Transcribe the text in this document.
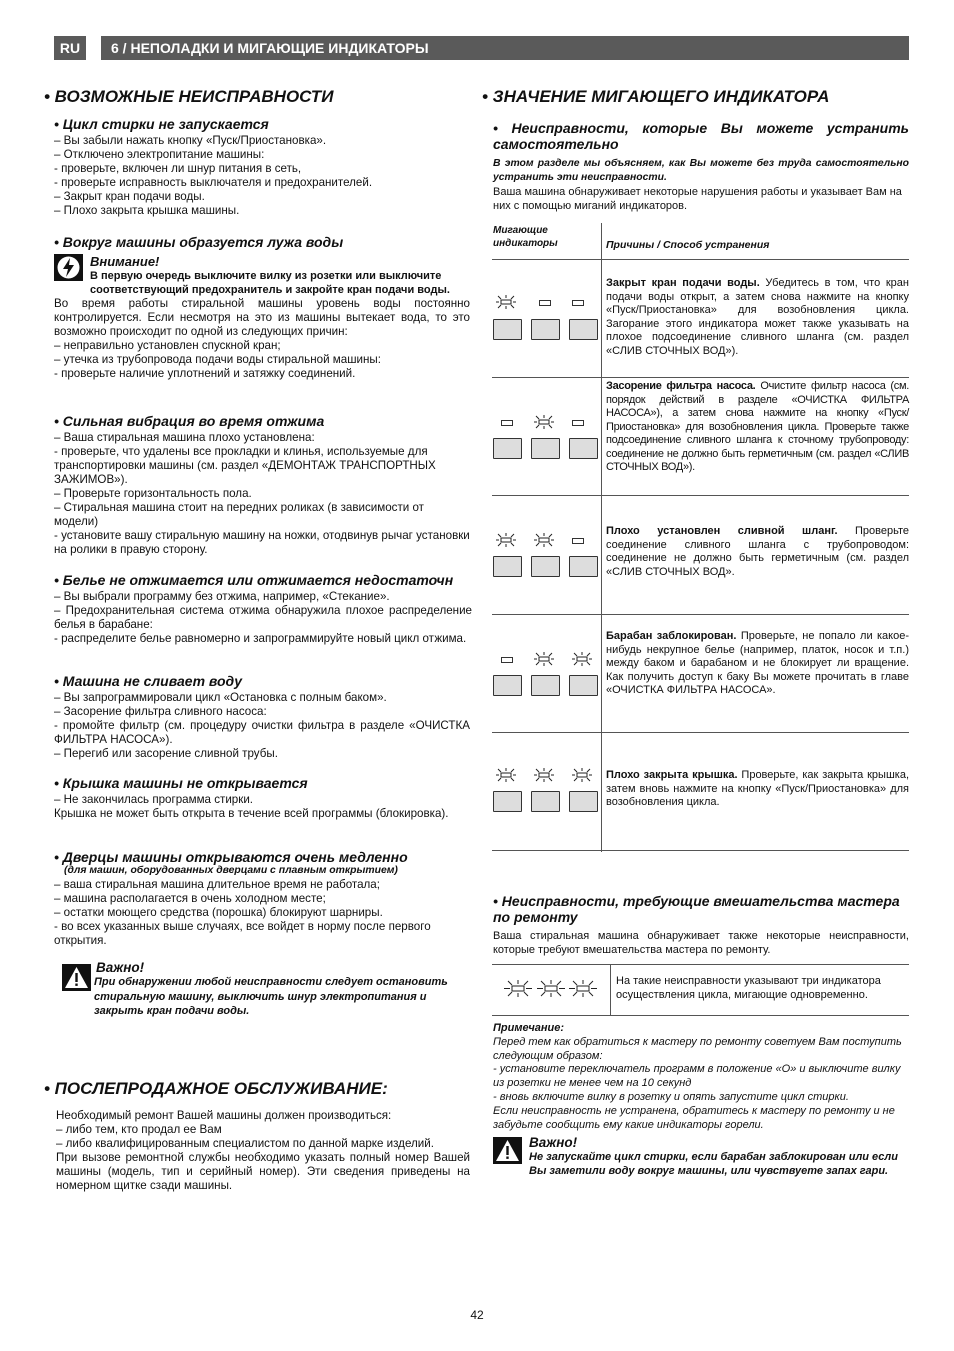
RU	6 / НЕПОЛАДКИ И МИГАЮЩИЕ ИНДИКАТОРЫ
• ВОЗМОЖНЫЕ НЕИСПРАВНОСТИ
• Цикл стирки не запускается

– Вы забыли нажать кнопку «Пуск/Приостановка».

– Отключено электропитание машины:

- проверьте, включен ли шнур питания в сеть,

- проверьте исправность выключателя и предохранителей.

– Закрыт кран подачи воды.

– Плохо закрыта крышка машины.

• Вокруг машины образуется лужа воды
Внимание!
В первую очередь выключите вилку из розетки или выключите соответствующий предохранитель и закройте кран подачи воды.

Во время работы стиральной машины уровень воды постоянно контролируется. Если несмотря на это из машины вытекает вода, то это возможно происходит по одной из следующих причин:

– неправильно установлен спускной кран;

– утечка из трубопровода подачи воды стиральной машины:

- проверьте наличие уплотнений и затяжку соединений.

• Сильная вибрация во время отжима

– Ваша стиральная машина плохо установлена:

- проверьте, что удалены все прокладки и клинья, используемые для транспортировки машины (см. раздел «ДЕМОНТАЖ ТРАНСПОРТНЫХ ЗАЖИМОВ»).

– Проверьте горизонтальность пола.

– Стиральная машина стоит на передних роликах (в зависимости от модели)

- установите вашу стиральную машину на ножки, отодвинув рычаг установки на ролики в правую сторону.

• Белье не отжимается или отжимается недостаточн

– Вы выбрали программу без отжима, например, «Стекание».

– Предохранительная система отжима обнаружила плохое распределение белья в барабане:

- распределите белье равномерно и запрограммируйте новый цикл отжима.

• Машина не сливает воду

– Вы запрограммировали цикл «Остановка с полным баком».

– Засорение фильтра сливного насоса:

- промойте фильтр (см. процедуру очистки фильтра в разделе «ОЧИСТКА ФИЛЬТРА НАСОСА»).

– Перегиб или засорение сливной трубы.

• Крышка машины не открывается

– Не закончилась программа стирки.

Крышка не может быть открыта в течение всей программы (блокировка).

• Дверцы машины открываются очень медленно
(для машин, оборудованных дверцами с плавным открытием)

– ваша стиральная машина длительное время не работала;

– машина располагается в очень холодном месте;

– остатки моющего средства (порошка) блокируют шарниры.

- во всех указанных выше случаях, все войдет в норму после первого открытия.

Важно!
При обнаружении любой неисправности следует остановить стиральную машину, выключить шнур электропитания и закрыть кран подачи воды.
• ПОСЛЕПРОДАЖНОЕ ОБСЛУЖИВАНИЕ:

Необходимый ремонт Вашей машины должен производиться:

– либо тем, кто продал ее Вам

– либо квалифицированным специалистом по данной марке изделий.

При вызове ремонтной службы необходимо указать полный номер Вашей машины (модель, тип и серийный номер). Эти сведения приведены на номерном щитке сзади машины.

• ЗНАЧЕНИЕ МИГАЮЩЕГО ИНДИКАТОРА
• Неисправности, которые Вы можете устранить самостоятельно
В этом разделе мы объясняем, как Вы можете без труда самостоятельно устранить эти неисправности.
Ваша машина обнаруживает некоторые нарушения работы и указывает Вам на них с помощью миганий индикаторов.
Мигающие индикаторы	Причины / Способ устранения
Закрыт кран подачи воды. Убедитесь в том, что кран подачи воды открыт, а затем снова нажмите на кнопку «Пуск/Приостановка» для возобновления цикла. Загорание этого индикатора может также указывать на плохое подсоединение сливного шланга (см. раздел «СЛИВ СТОЧНЫХ ВОД»).
Засорение фильтра насоса. Очистите фильтр насоса (см. порядок действий в разделе «ОЧИСТКА ФИЛЬТРА НАСОСА»), а затем снова нажмите на кнопку «Пуск/Приостановка» для возобновления цикла. Проверьте также подсоединение сливного шланга к сточному трубопроводу: соединение не должно быть герметичным (см. раздел «СЛИВ СТОЧНЫХ ВОД»).
Плохо установлен сливной шланг. Проверьте соединение сливного шланга с трубопроводом: соединение не должно быть герметичным (см. раздел «СЛИВ СТОЧНЫХ ВОД».
Барабан заблокирован. Проверьте, не попало ли какое-нибудь некрупное белье (например, платок, носок и т.п.) между баком и барабаном и не блокирует ли вращение. Как получить доступ к баку Вы можете прочитать в главе «ОЧИСТКА ФИЛЬТРА НАСОСА».
Плохо закрыта крышка. Проверьте, как закрыта крышка, затем вновь нажмите на кнопку «Пуск/Приостановка» для возобновления цикла.
• Неисправности, требующие вмешательства мастера по ремонту
Ваша стиральная машина обнаруживает также некоторые неисправности, которые требуют вмешательства мастера по ремонту.
На такие неисправности указывают три индикатора осуществления цикла, мигающие одновременно.
Примечание:
Перед тем как обратиться к мастеру по ремонту советуем Вам поступить следующим образом:
- установите переключатель программ в положение «О» и выключите вилку из розетки не менее чем на 10 секунд
- вновь включите вилку в розетку и опять запустите цикл стирки.
Если неисправность не устранена, обратитесь к мастеру по ремонту и не забудьте сообщить ему какие индикаторы горели.
Важно!
Не запускайте цикл стирки, если барабан заблокирован или если Вы заметили воду вокруг машины, или чувствуете запах гари.
42
